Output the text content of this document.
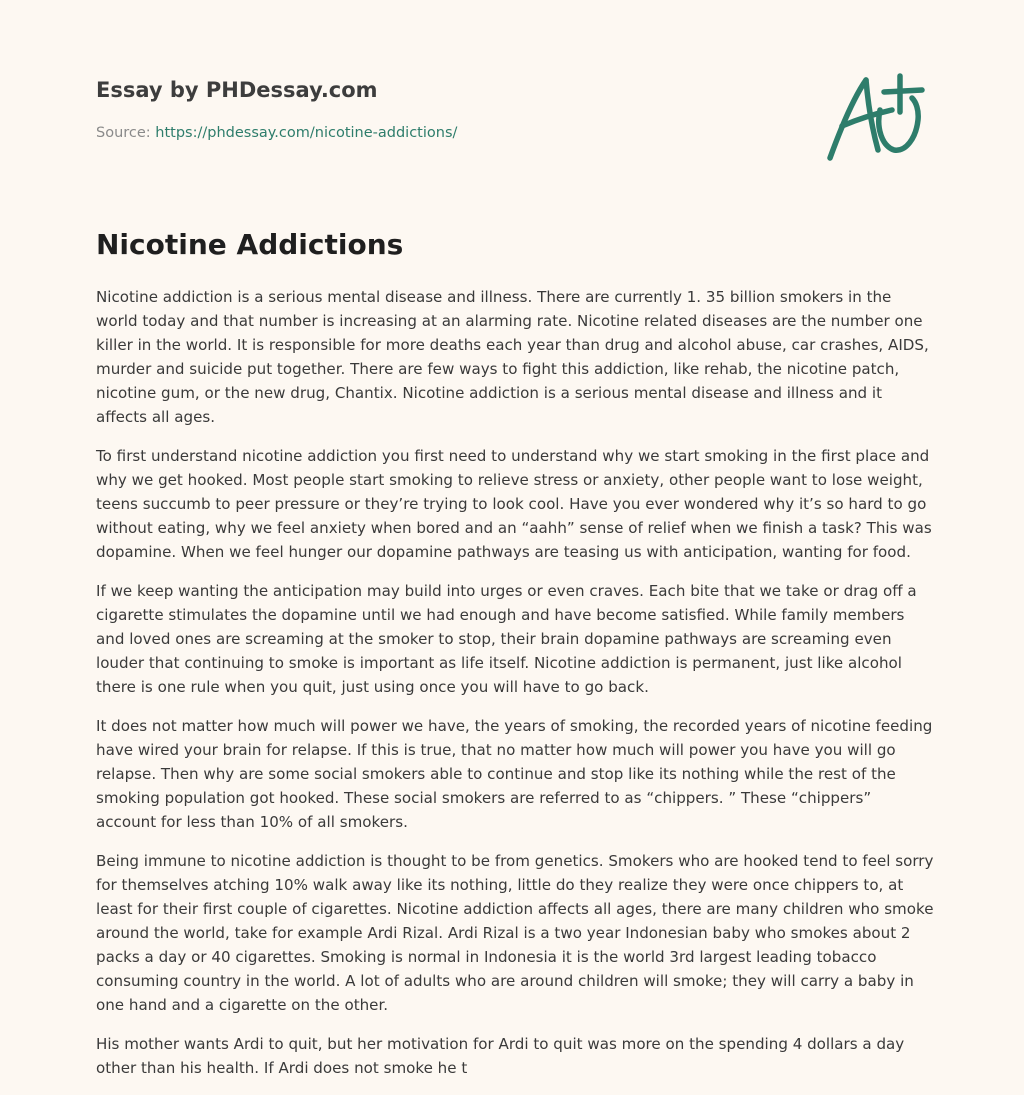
Essay by PHDessay.com
Source: https://phdessay.com/nicotine-addictions/
Nicotine Addictions

Nicotine addiction is a serious mental disease and illness. There are currently 1. 35 billion smokers in the world today and that number is increasing at an alarming rate. Nicotine related diseases are the number one killer in the world. It is responsible for more deaths each year than drug and alcohol abuse, car crashes, AIDS, murder and suicide put together. There are few ways to fight this addiction, like rehab, the nicotine patch, nicotine gum, or the new drug, Chantix. Nicotine addiction is a serious mental disease and illness and it affects all ages.

To first understand nicotine addiction you first need to understand why we start smoking in the first place and why we get hooked. Most people start smoking to relieve stress or anxiety, other people want to lose weight, teens succumb to peer pressure or they’re trying to look cool. Have you ever wondered why it’s so hard to go without eating, why we feel anxiety when bored and an “aahh” sense of relief when we finish a task? This was dopamine. When we feel hunger our dopamine pathways are teasing us with anticipation, wanting for food.

If we keep wanting the anticipation may build into urges or even craves. Each bite that we take or drag off a cigarette stimulates the dopamine until we had enough and have become satisfied. While family members and loved ones are screaming at the smoker to stop, their brain dopamine pathways are screaming even louder that continuing to smoke is important as life itself. Nicotine addiction is permanent, just like alcohol there is one rule when you quit, just using once you will have to go back.

It does not matter how much will power we have, the years of smoking, the recorded years of nicotine feeding have wired your brain for relapse. If this is true, that no matter how much will power you have you will go relapse. Then why are some social smokers able to continue and stop like its nothing while the rest of the smoking population got hooked. These social smokers are referred to as “chippers. ” These “chippers” account for less than 10% of all smokers.

Being immune to nicotine addiction is thought to be from genetics. Smokers who are hooked tend to feel sorry for themselves atching 10% walk away like its nothing, little do they realize they were once chippers to, at least for their first couple of cigarettes. Nicotine addiction affects all ages, there are many children who smoke around the world, take for example Ardi Rizal. Ardi Rizal is a two year Indonesian baby who smokes about 2 packs a day or 40 cigarettes. Smoking is normal in Indonesia it is the world 3rd largest leading tobacco consuming country in the world. A lot of adults who are around children will smoke; they will carry a baby in one hand and a cigarette on the other.

His mother wants Ardi to quit, but her motivation for Ardi to quit was more on the spending 4 dollars a day other than his health. If Ardi does not smoke he t
